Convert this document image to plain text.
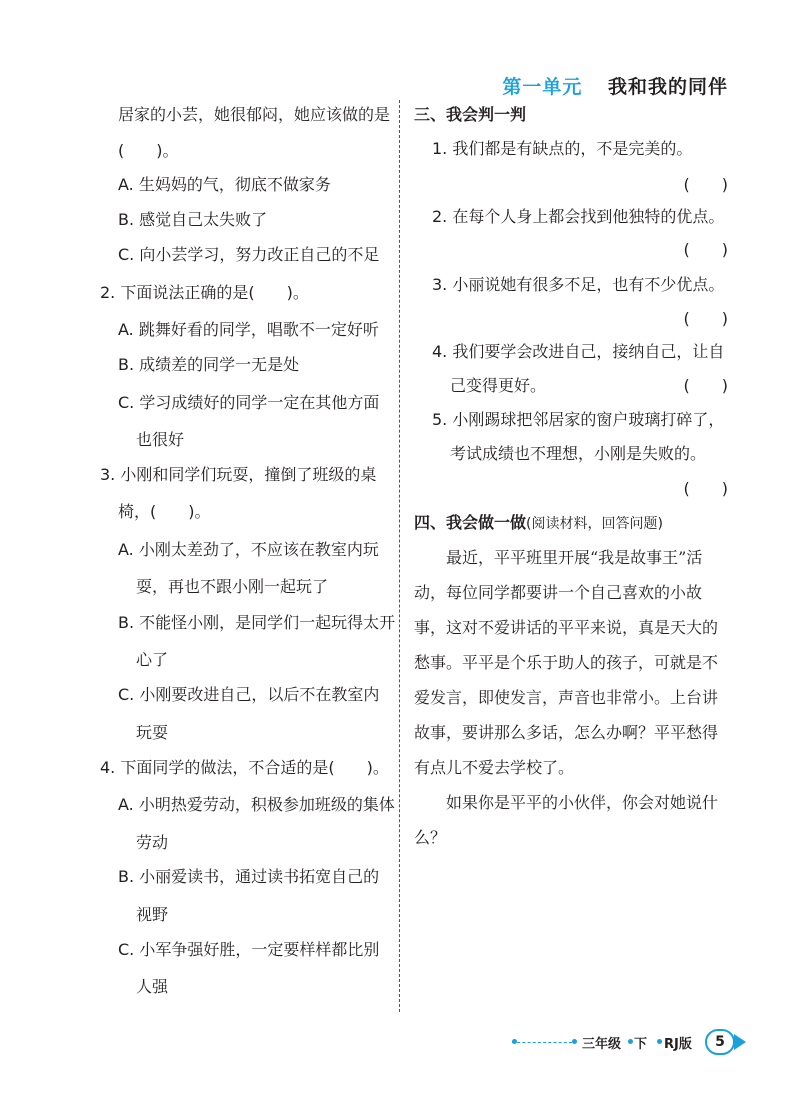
第一单元 我和我的同伴
居家的小芸，她很郁闷，她应该做的是
(　　)。
A. 生妈妈的气，彻底不做家务
B. 感觉自己太失败了
C. 向小芸学习，努力改正自己的不足
2. 下面说法正确的是(　　)。
A. 跳舞好看的同学，唱歌不一定好听
B. 成绩差的同学一无是处
C. 学习成绩好的同学一定在其他方面
也很好
3. 小刚和同学们玩耍，撞倒了班级的桌
椅，(　　)。
A. 小刚太差劲了，不应该在教室内玩
耍，再也不跟小刚一起玩了
B. 不能怪小刚，是同学们一起玩得太开
心了
C. 小刚要改进自己，以后不在教室内
玩耍
4. 下面同学的做法，不合适的是(　　)。
A. 小明热爱劳动，积极参加班级的集体
劳动
B. 小丽爱读书，通过读书拓宽自己的
视野
C. 小军争强好胜，一定要样样都比别
人强
三、我会判一判
1. 我们都是有缺点的，不是完美的。
(　　)
2. 在每个人身上都会找到他独特的优点。
(　　)
3. 小丽说她有很多不足，也有不少优点。
(　　)
4. 我们要学会改进自己，接纳自己，让自
己变得更好。	(　　)
5. 小刚踢球把邻居家的窗户玻璃打碎了，
考试成绩也不理想，小刚是失败的。
(　　)
四、我会做一做(阅读材料，回答问题)
最近，平平班里开展“我是故事王”活动，每位同学都要讲一个自己喜欢的小故事，这对不爱讲话的平平来说，真是天大的愁事。平平是个乐于助人的孩子，可就是不爱发言，即使发言，声音也非常小。上台讲故事，要讲那么多话，怎么办啊？平平愁得有点儿不爱去学校了。
如果你是平平的小伙伴，你会对她说什么？
三年级 下 RJ版	5
